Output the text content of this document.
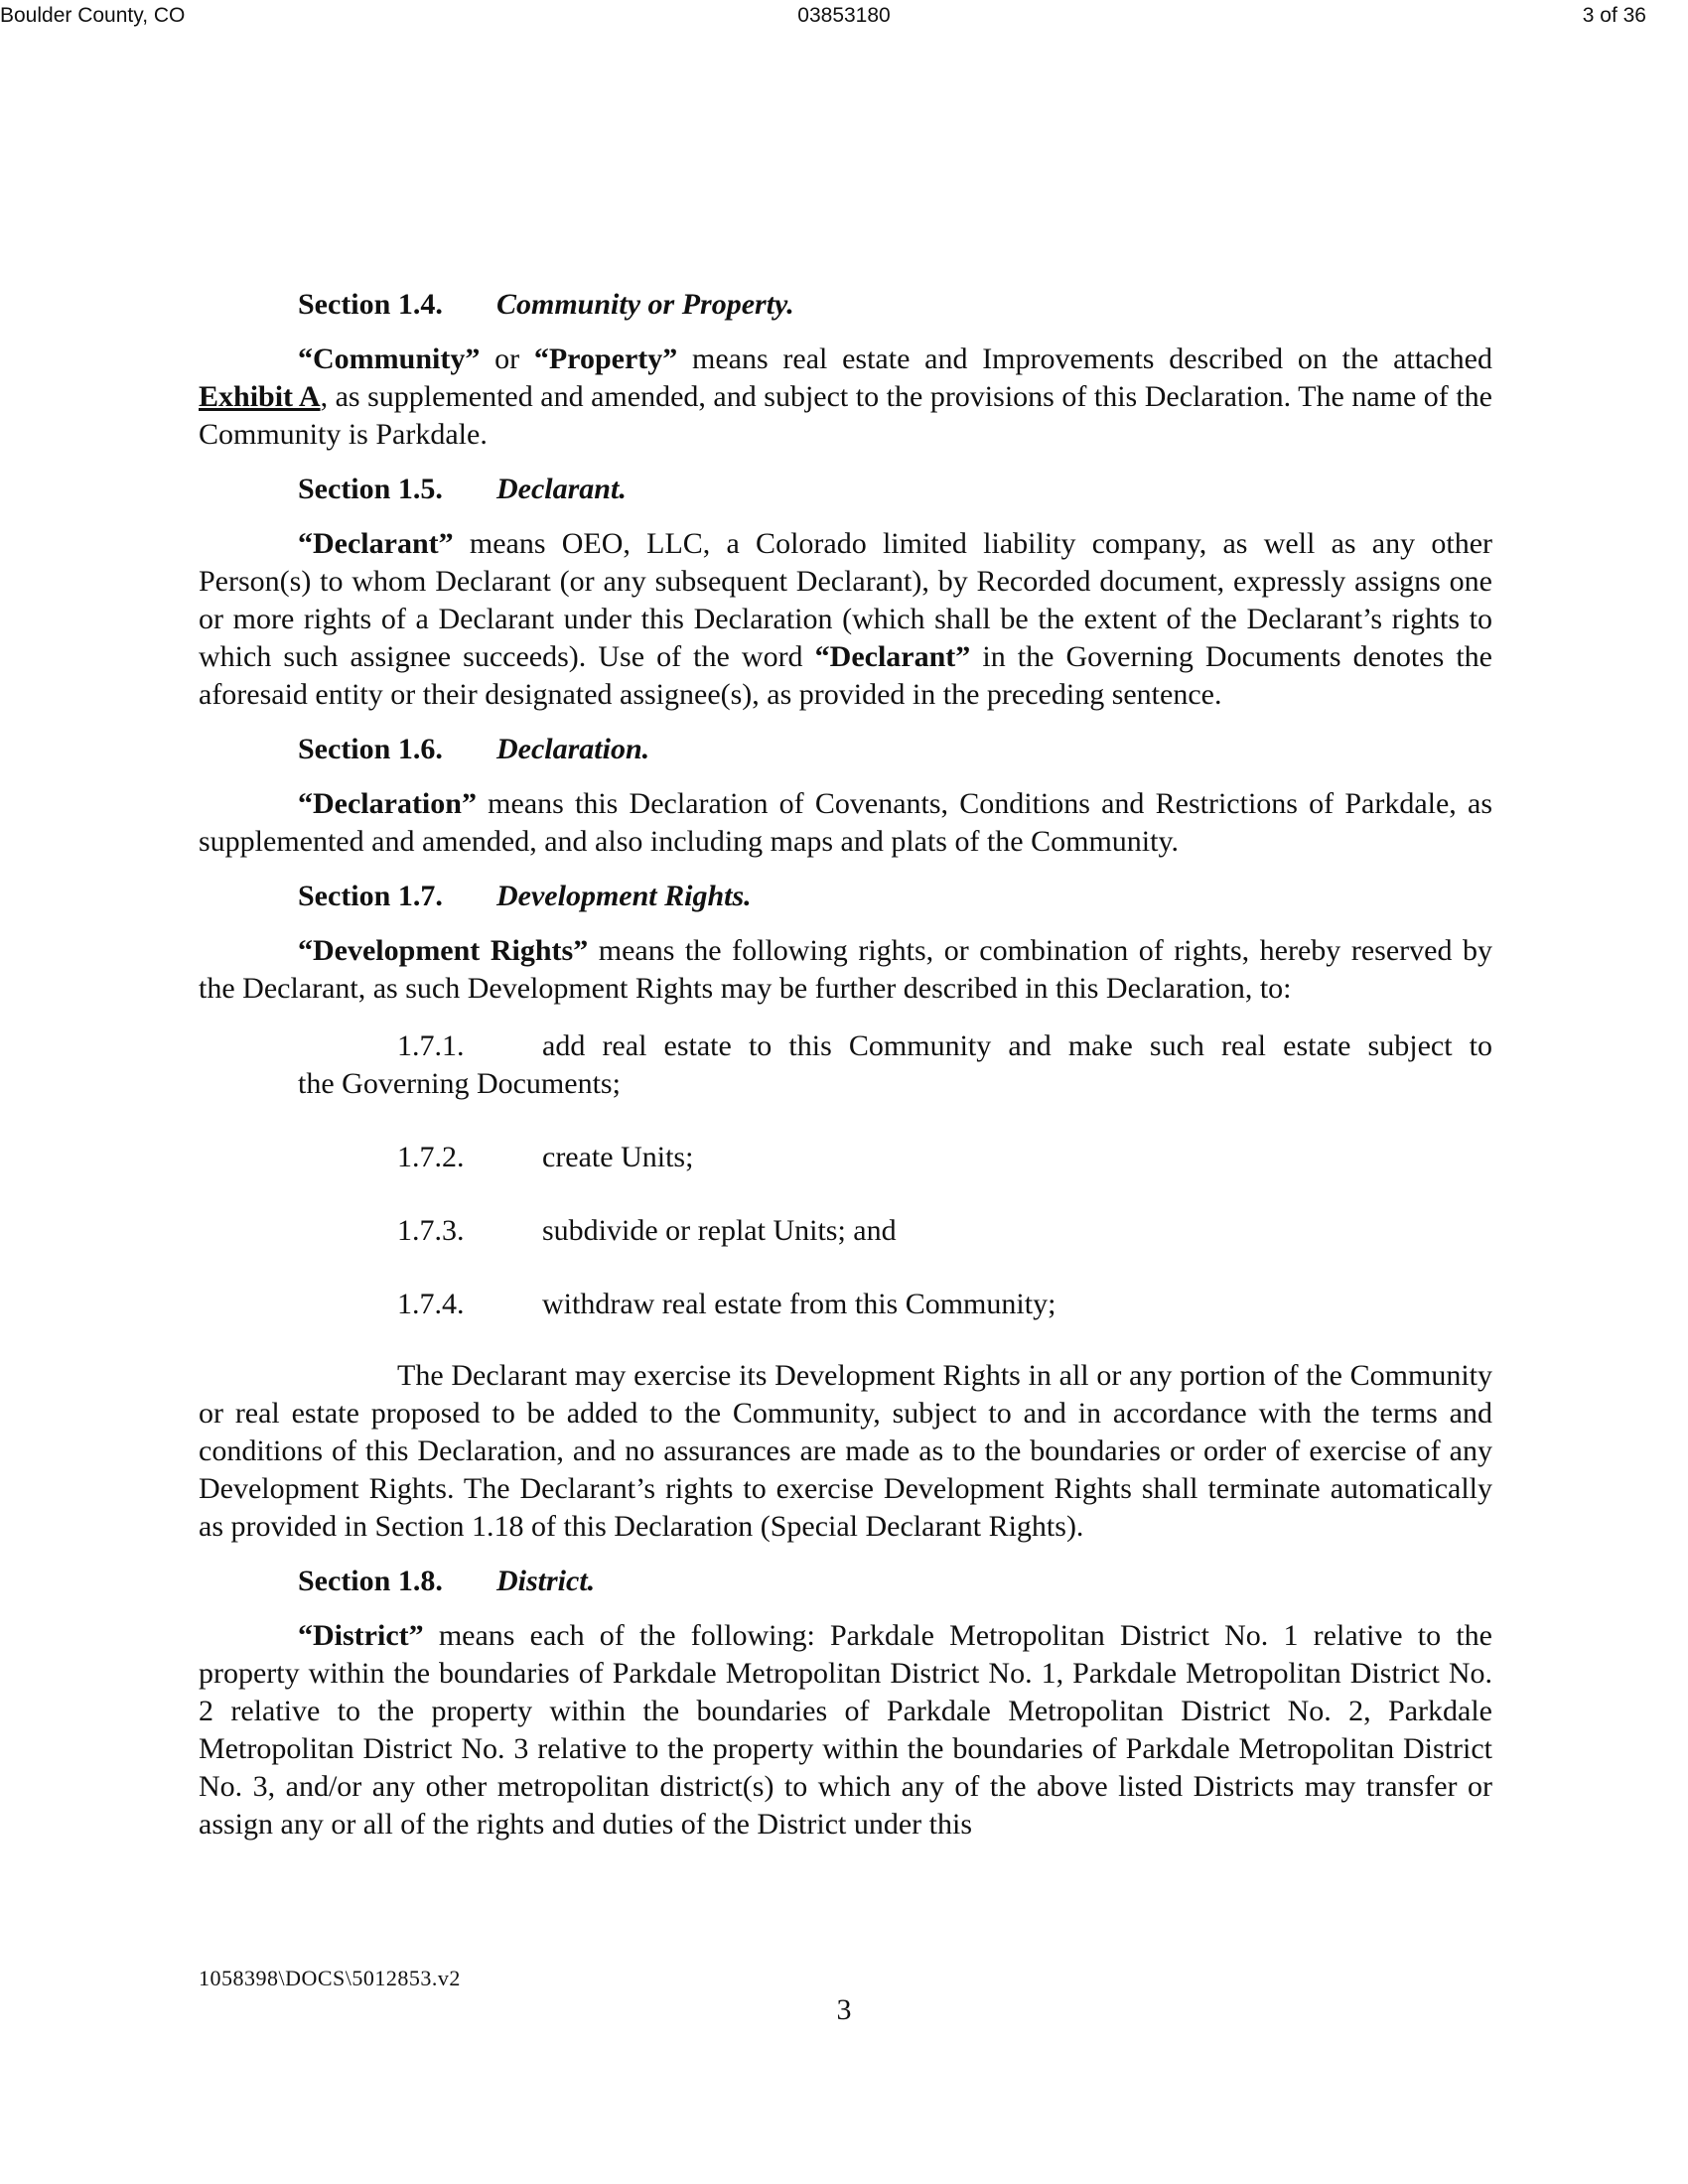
Boulder County, CO	03853180	3 of 36
Section 1.4. Community or Property.

“Community” or “Property” means real estate and Improvements described on the attached Exhibit A, as supplemented and amended, and subject to the provisions of this Declaration. The name of the Community is Parkdale.

Section 1.5. Declarant.

“Declarant” means OEO, LLC, a Colorado limited liability company, as well as any other Person(s) to whom Declarant (or any subsequent Declarant), by Recorded document, expressly assigns one or more rights of a Declarant under this Declaration (which shall be the extent of the Declarant’s rights to which such assignee succeeds). Use of the word “Declarant” in the Governing Documents denotes the aforesaid entity or their designated assignee(s), as provided in the preceding sentence.

Section 1.6. Declaration.

“Declaration” means this Declaration of Covenants, Conditions and Restrictions of Parkdale, as supplemented and amended, and also including maps and plats of the Community.

Section 1.7. Development Rights.

“Development Rights” means the following rights, or combination of rights, hereby reserved by the Declarant, as such Development Rights may be further described in this Declaration, to:

1.7.1.	add real estate to this Community and make such real estate subject to
the Governing Documents;
1.7.2.	create Units;
1.7.3.	subdivide or replat Units; and
1.7.4.	withdraw real estate from this Community;

The Declarant may exercise its Development Rights in all or any portion of the Community or real estate proposed to be added to the Community, subject to and in accordance with the terms and conditions of this Declaration, and no assurances are made as to the boundaries or order of exercise of any Development Rights. The Declarant’s rights to exercise Development Rights shall terminate automatically as provided in Section 1.18 of this Declaration (Special Declarant Rights).

Section 1.8. District.

“District” means each of the following: Parkdale Metropolitan District No. 1 relative to the property within the boundaries of Parkdale Metropolitan District No. 1, Parkdale Metropolitan District No. 2 relative to the property within the boundaries of Parkdale Metropolitan District No. 2, Parkdale Metropolitan District No. 3 relative to the property within the boundaries of Parkdale Metropolitan District No. 3, and/or any other metropolitan district(s) to which any of the above listed Districts may transfer or assign any or all of the rights and duties of the District under this

1058398\DOCS\5012853.v2
3
